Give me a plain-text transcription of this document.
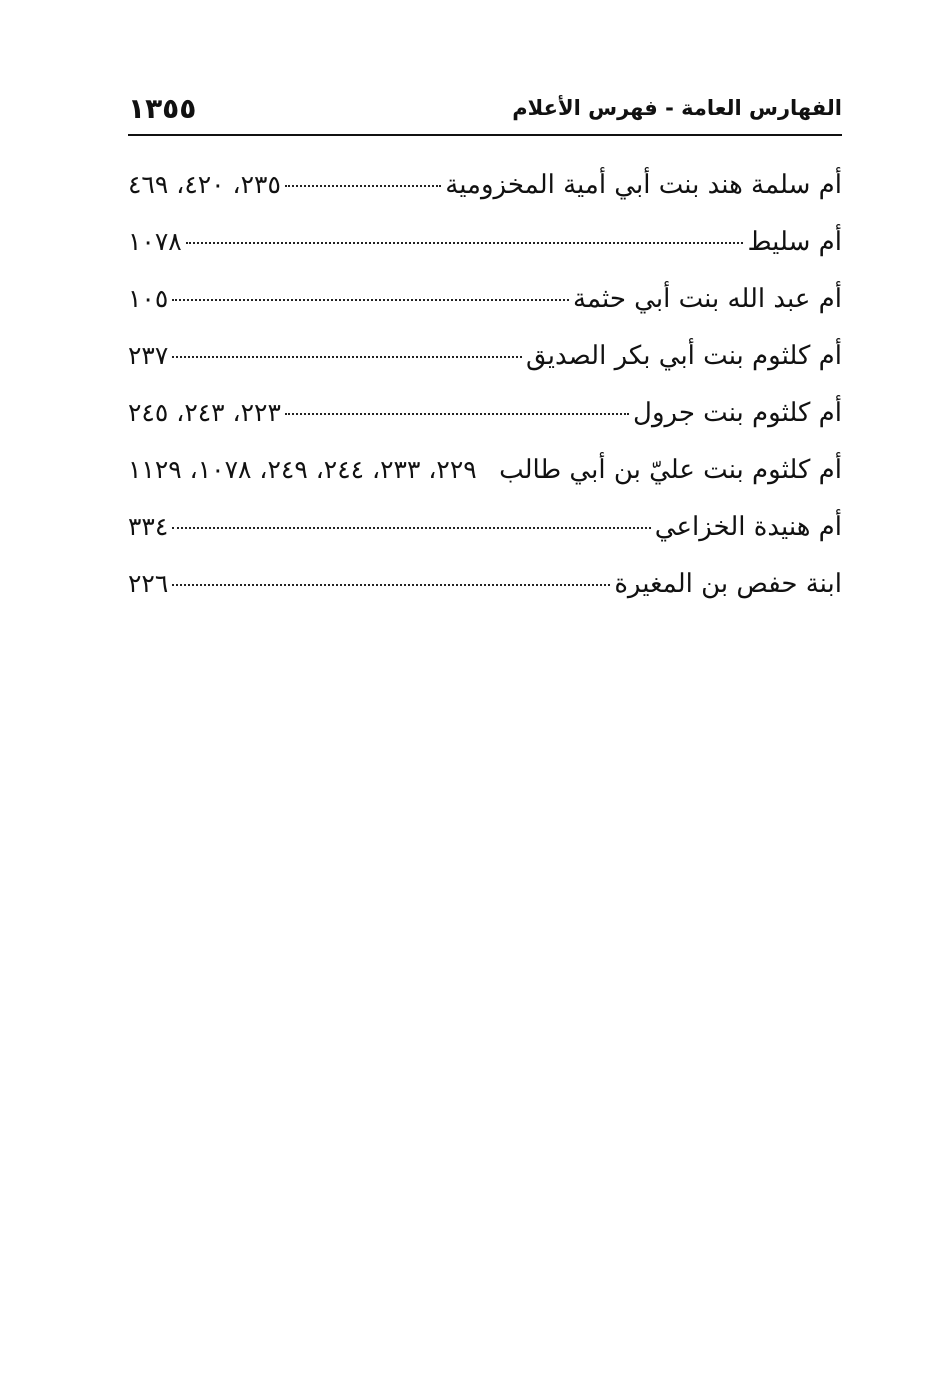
الفهارس العامة - فهرس الأعلام
١٣٥٥
أم سلمة هند بنت أبي أمية المخزومية
٢٣٥، ٤٢٠، ٤٦٩
أم سليط
١٠٧٨
أم عبد الله بنت أبي حثمة
١٠٥
أم كلثوم بنت أبي بكر الصديق
٢٣٧
أم كلثوم بنت جرول
٢٢٣، ٢٤٣، ٢٤٥
أم كلثوم بنت عليّ بن أبي طالب
٢٢٩، ٢٣٣، ٢٤٤، ٢٤٩، ١٠٧٨، ١١٢٩
أم هنيدة الخزاعي
٣٣٤
ابنة حفص بن المغيرة
٢٢٦
